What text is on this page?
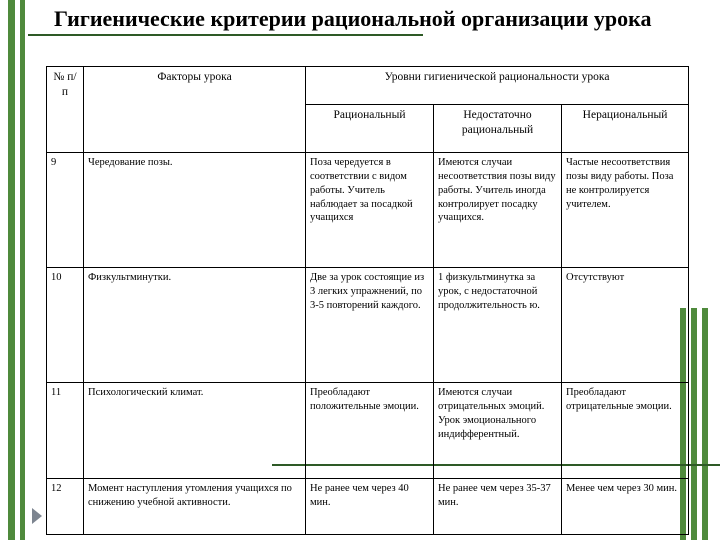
Гигиенические критерии рациональной организации урока
№ п/п	Факторы урока	Уровни гигиенической рациональности урока		
		Рациональный	Недостаточно рациональный	Нерациональный
9	Чередование позы.	Поза чередуется в соответствии с видом работы. Учитель наблюдает за посадкой учащихся	Имеются случаи несоответствия позы виду работы. Учитель иногда контролирует посадку учащихся.	Частые несоответствия позы виду работы. Поза не контролируется учителем.
10	Физкультминутки.	Две за урок состоящие из 3 легких упражнений, по 3-5 повторений каждого.	1 физкультминутка за урок, с недостаточной продолжительность ю.	Отсутствуют
11	Психологический климат.	Преобладают положительные эмоции.	Имеются случаи отрицательных эмоций. Урок эмоционального индифферентный.	Преобладают отрицательные эмоции.
12	Момент наступления утомления учащихся по снижению учебной активности.	Не ранее чем через 40 мин.	Не ранее чем через 35-37 мин.	Менее чем через 30 мин.
